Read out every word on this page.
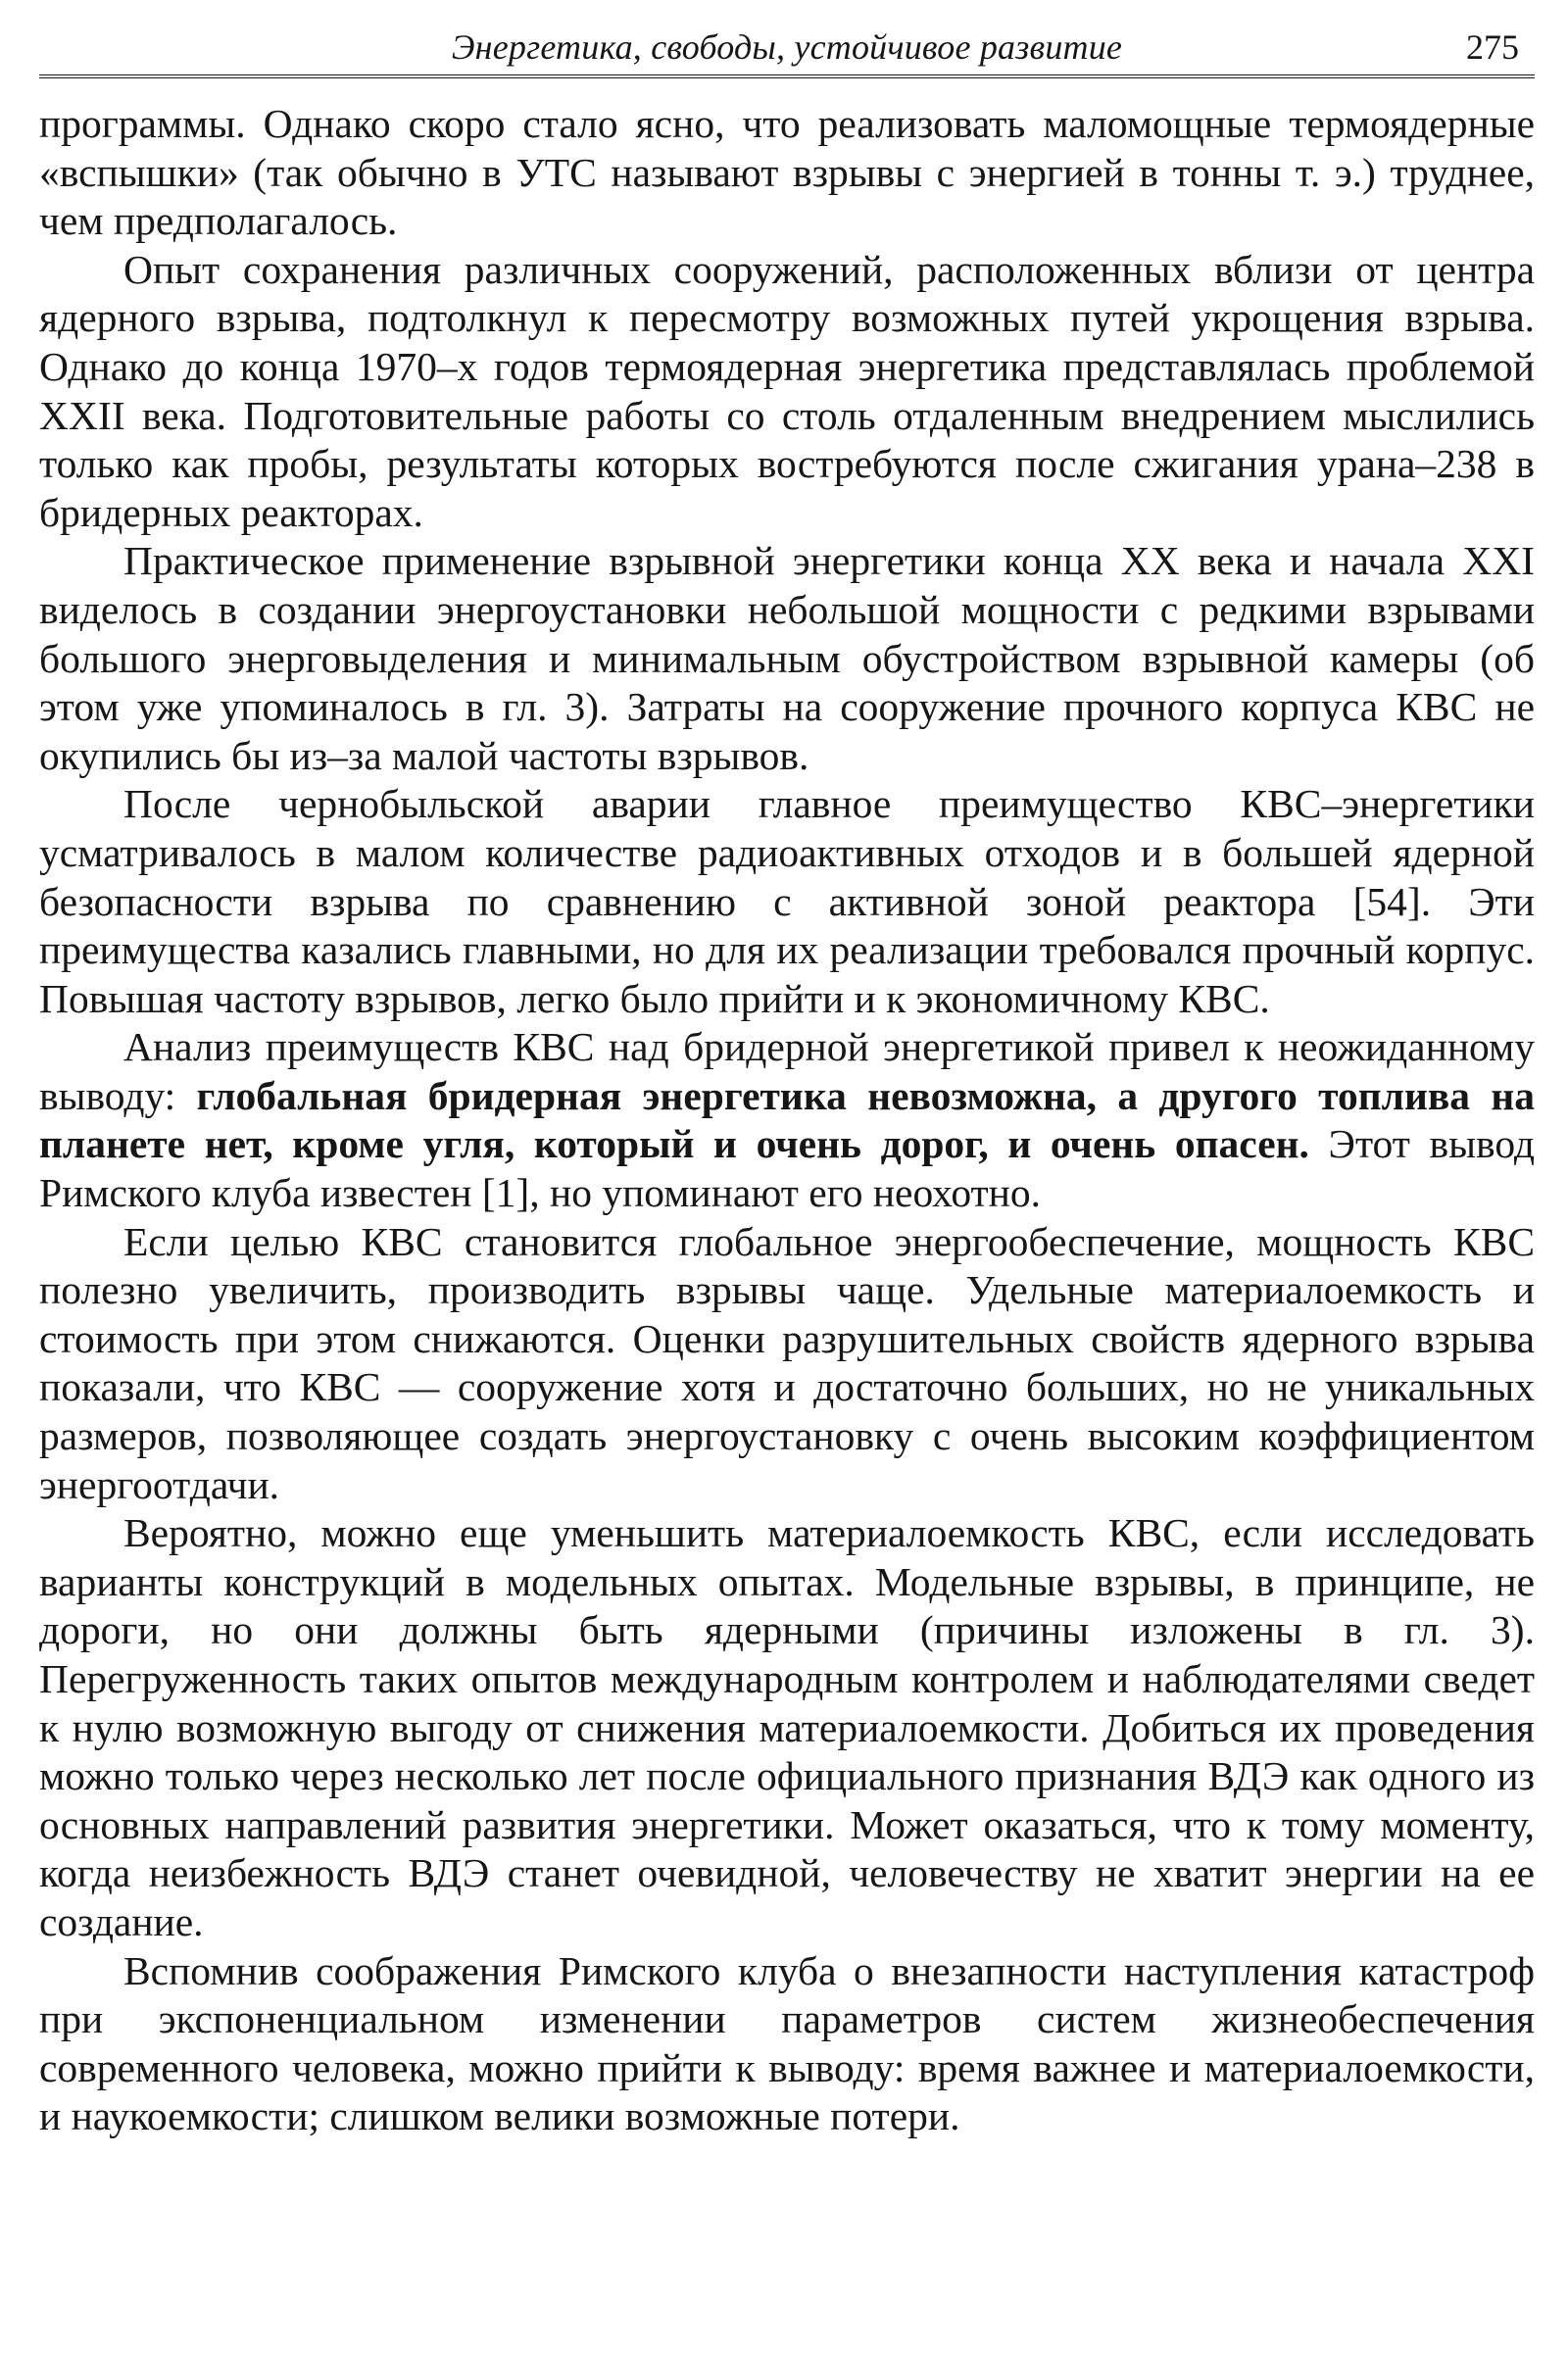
Энергетика, свободы, устойчивое развитие	275

программы. Однако скоро стало ясно, что реализовать маломощные термоядерные «вспышки» (так обычно в УТС называют взрывы с энергией в тонны т. э.) труднее, чем предполагалось.

Опыт сохранения различных сооружений, расположенных вблизи от центра ядерного взрыва, подтолкнул к пересмотру возможных путей укрощения взрыва. Однако до конца 1970–х годов термоядерная энергетика представлялась проблемой XXII века. Подготовительные работы со столь отдаленным внедрением мыслились только как пробы, результаты которых востребуются после сжигания урана–238 в бридерных реакторах.

Практическое применение взрывной энергетики конца XX века и начала XXI виделось в создании энергоустановки небольшой мощности с редкими взрывами большого энерговыделения и минимальным обустройством взрывной камеры (об этом уже упоминалось в гл. 3). Затраты на сооружение прочного корпуса КВС не окупились бы из–за малой частоты взрывов.

После чернобыльской аварии главное преимущество КВС–энергетики усматривалось в малом количестве радиоактивных отходов и в большей ядерной безопасности взрыва по сравнению с активной зоной реактора [54]. Эти преимущества казались главными, но для их реализации требовался прочный корпус. Повышая частоту взрывов, легко было прийти и к экономичному КВС.

Анализ преимуществ КВС над бридерной энергетикой привел к неожиданному выводу: глобальная бридерная энергетика невозможна, а другого топлива на планете нет, кроме угля, который и очень дорог, и очень опасен. Этот вывод Римского клуба известен [1], но упоминают его неохотно.

Если целью КВС становится глобальное энергообеспечение, мощность КВС полезно увеличить, производить взрывы чаще. Удельные материалоемкость и стоимость при этом снижаются. Оценки разрушительных свойств ядерного взрыва показали, что КВС — сооружение хотя и достаточно больших, но не уникальных размеров, позволяющее создать энергоустановку с очень высоким коэффициентом энергоотдачи.

Вероятно, можно еще уменьшить материалоемкость КВС, если исследовать варианты конструкций в модельных опытах. Модельные взрывы, в принципе, не дороги, но они должны быть ядерными (причины изложены в гл. 3). Перегруженность таких опытов международным контролем и наблюдателями сведет к нулю возможную выгоду от снижения материалоемкости. Добиться их проведения можно только через несколько лет после официального признания ВДЭ как одного из основных направлений развития энергетики. Может оказаться, что к тому моменту, когда неизбежность ВДЭ станет очевидной, человечеству не хватит энергии на ее создание.

Вспомнив соображения Римского клуба о внезапности наступления катастроф при экспоненциальном изменении параметров систем жизнеобеспечения современного человека, можно прийти к выводу: время важнее и материалоемкости, и наукоемкости; слишком велики возможные потери.
